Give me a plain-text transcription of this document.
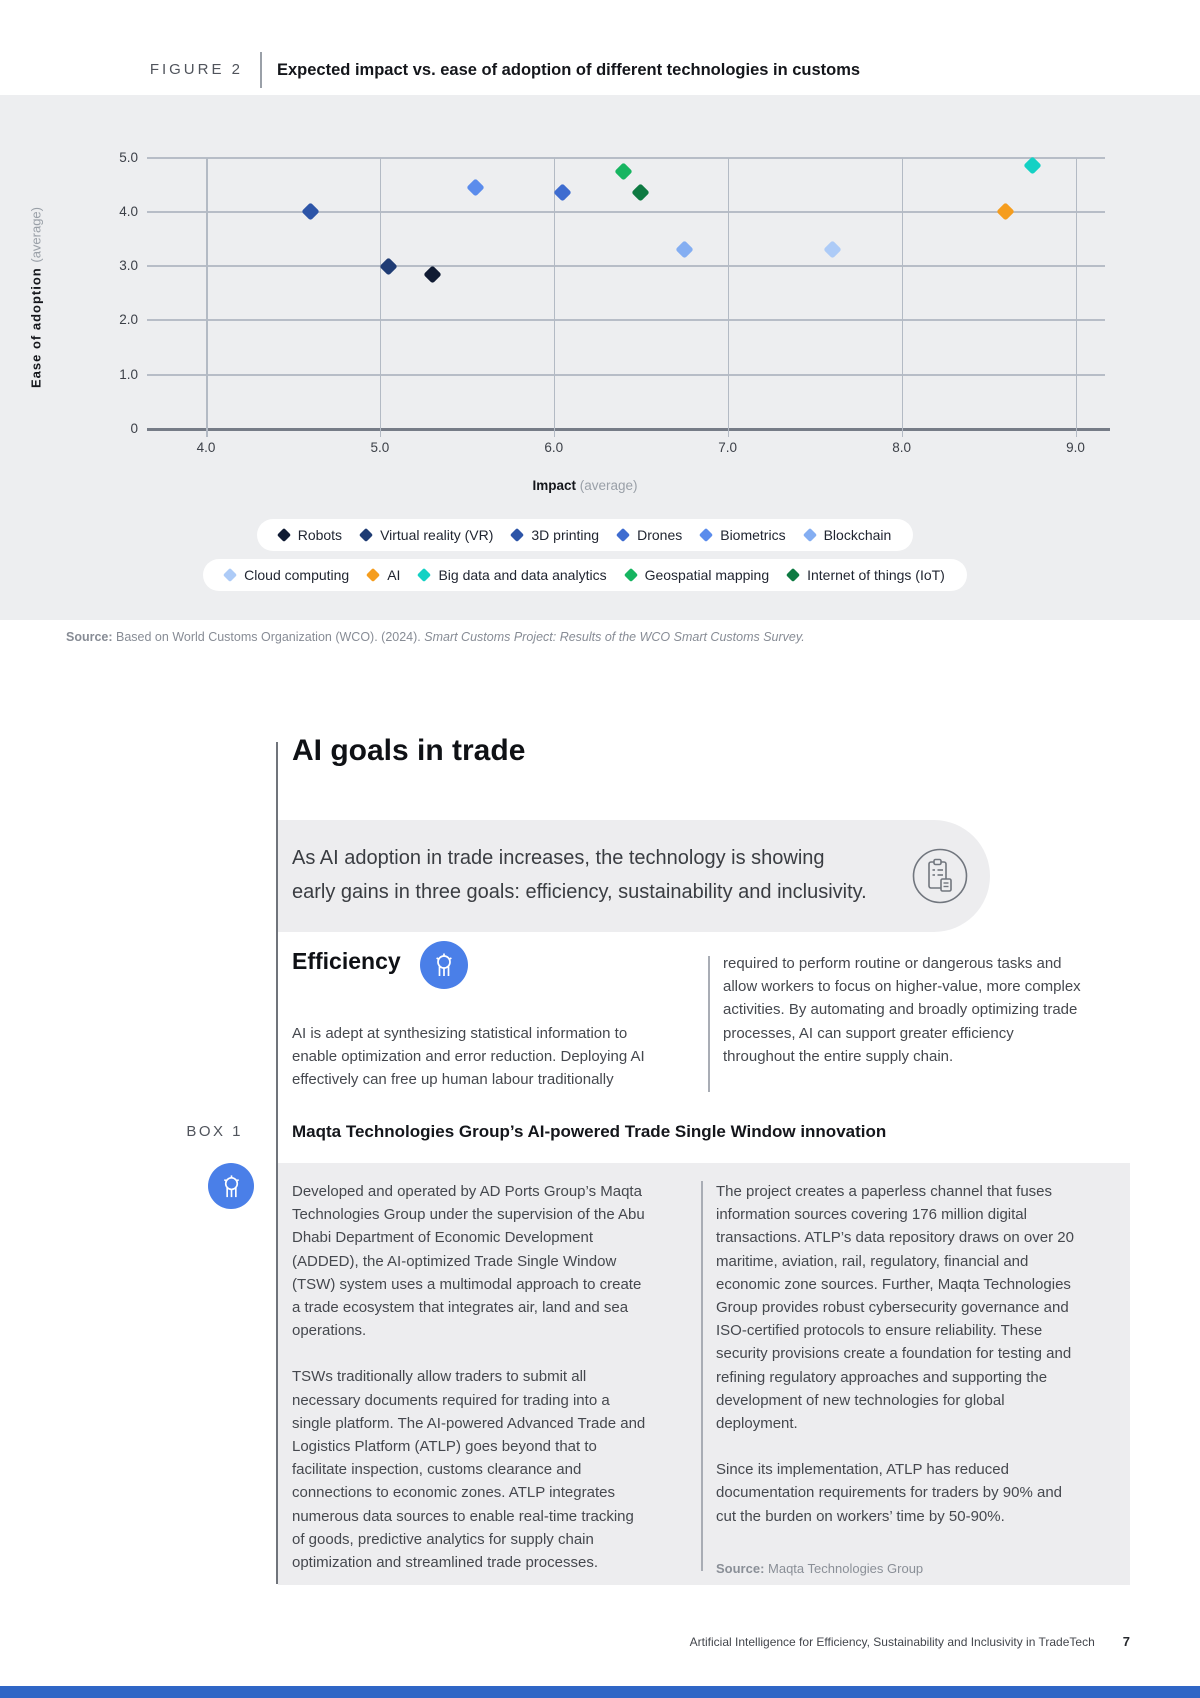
FIGURE 2	Expected impact vs. ease of adoption of different technologies in customs
Ease of adoption (average)
Impact (average)
Robots	Virtual reality (VR)	3D printing	Drones	Biometrics	Blockchain
Cloud computing	AI	Big data and data analytics	Geospatial mapping	Internet of things (IoT)
5.0
4.0
3.0
2.0
1.0
0
4.0	5.0	6.0	7.0	8.0	9.0
Source: Based on World Customs Organization (WCO). (2024). Smart Customs Project: Results of the WCO Smart Customs Survey.
AI goals in trade
As AI adoption in trade increases, the technology is showing early gains in three goals: efficiency, sustainability and inclusivity.
Efficiency
AI is adept at synthesizing statistical information to enable optimization and error reduction. Deploying AI effectively can free up human labour traditionally
required to perform routine or dangerous tasks and allow workers to focus on higher-value, more complex activities. By automating and broadly optimizing trade processes, AI can support greater efficiency throughout the entire supply chain.
BOX 1	Maqta Technologies Group’s AI-powered Trade Single Window innovation
Developed and operated by AD Ports Group’s Maqta Technologies Group under the supervision of the Abu Dhabi Department of Economic Development (ADDED), the AI-optimized Trade Single Window (TSW) system uses a multimodal approach to create a trade ecosystem that integrates air, land and sea operations.
TSWs traditionally allow traders to submit all necessary documents required for trading into a single platform. The AI-powered Advanced Trade and Logistics Platform (ATLP) goes beyond that to facilitate inspection, customs clearance and connections to economic zones. ATLP integrates numerous data sources to enable real-time tracking of goods, predictive analytics for supply chain optimization and streamlined trade processes.
The project creates a paperless channel that fuses information sources covering 176 million digital transactions. ATLP’s data repository draws on over 20 maritime, aviation, rail, regulatory, financial and economic zone sources. Further, Maqta Technologies Group provides robust cybersecurity governance and ISO-certified protocols to ensure reliability. These security provisions create a foundation for testing and refining regulatory approaches and supporting the development of new technologies for global deployment.
Since its implementation, ATLP has reduced documentation requirements for traders by 90% and cut the burden on workers’ time by 50-90%.
Source: Maqta Technologies Group
Artificial Intelligence for Efficiency, Sustainability and Inclusivity in TradeTech 7
